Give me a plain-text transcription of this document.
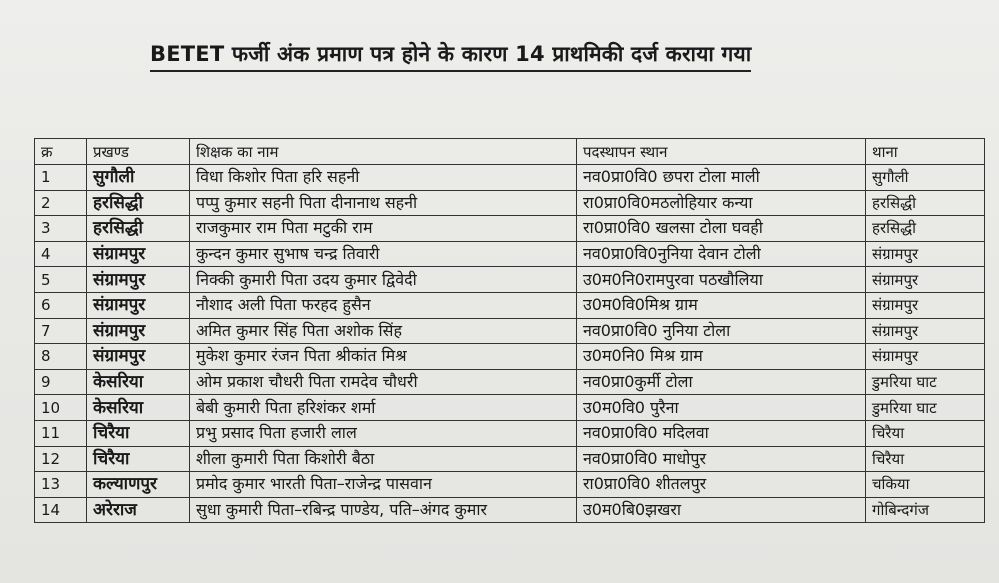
BETET फर्जी अंक प्रमाण पत्र होने के कारण 14 प्राथमिकी दर्ज कराया गया
क्र	प्रखण्ड	शिक्षक का नाम	पदस्थापन स्थान	थाना
1	सुगौली	विधा किशोर पिता हरि सहनी	नव0प्रा0वि0 छपरा टोला माली	सुगौली
2	हरसिद्धी	पप्पु कुमार सहनी पिता दीनानाथ सहनी	रा0प्रा0वि0मठलोहियार कन्या	हरसिद्धी
3	हरसिद्धी	राजकुमार राम पिता मटुकी राम	रा0प्रा0वि0 खलसा टोला घवही	हरसिद्धी
4	संग्रामपुर	कुन्दन कुमार सुभाष चन्द्र तिवारी	नव0प्रा0वि0नुनिया देवान टोली	संग्रामपुर
5	संग्रामपुर	निक्की कुमारी पिता उदय कुमार द्विवेदी	उ0म0नि0रामपुरवा पठखौलिया	संग्रामपुर
6	संग्रामपुर	नौशाद अली पिता फरहद हुसैन	उ0म0वि0मिश्र ग्राम	संग्रामपुर
7	संग्रामपुर	अमित कुमार सिंह पिता अशोक सिंह	नव0प्रा0वि0 नुनिया टोला	संग्रामपुर
8	संग्रामपुर	मुकेश कुमार रंजन पिता श्रीकांत मिश्र	उ0म0नि0 मिश्र ग्राम	संग्रामपुर
9	केसरिया	ओम प्रकाश चौधरी पिता रामदेव चौधरी	नव0प्रा0कुर्मी टोला	डुमरिया घाट
10	केसरिया	बेबी कुमारी पिता हरिशंकर शर्मा	उ0म0वि0 पुरैना	डुमरिया घाट
11	चिरैया	प्रभु प्रसाद पिता हजारी लाल	नव0प्रा0वि0 मदिलवा	चिरैया
12	चिरैया	शीला कुमारी पिता किशोरी बैठा	नव0प्रा0वि0 माधोपुर	चिरैया
13	कल्याणपुर	प्रमोद कुमार भारती पिता–राजेन्द्र पासवान	रा0प्रा0वि0 शीतलपुर	चकिया
14	अरेराज	सुधा कुमारी पिता–रबिन्द्र पाण्डेय, पति–अंगद कुमार	उ0म0बि0झखरा	गोबिन्दगंज
